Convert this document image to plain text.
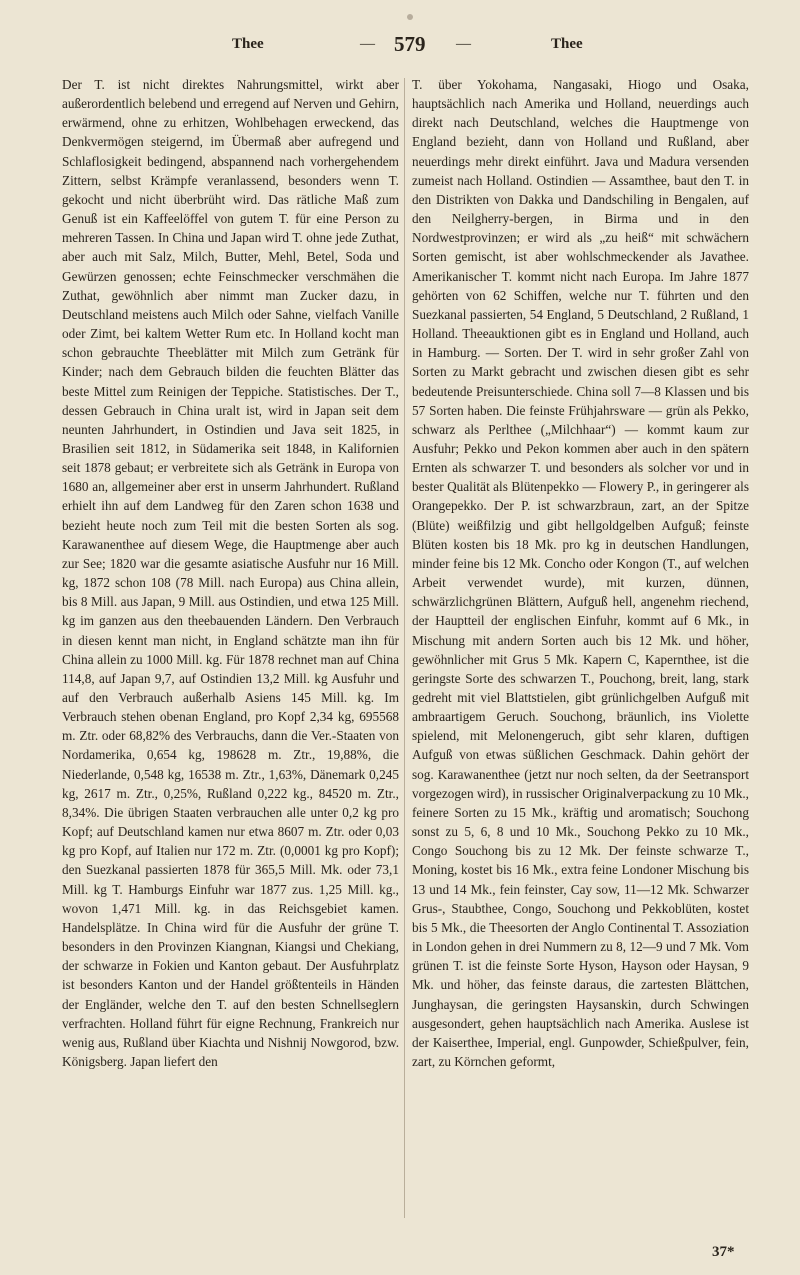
Thee	— 579 —	Thee

Der T. ist nicht direktes Nahrungsmittel, wirkt aber außerordentlich belebend und erregend auf Nerven und Gehirn, erwärmend, ohne zu erhitzen, Wohlbehagen erweckend, das Denkvermögen steigernd, im Übermaß aber aufregend und Schlaflosigkeit bedingend, abspannend nach vorhergehendem Zittern, selbst Krämpfe veranlassend, besonders wenn T. gekocht und nicht überbrüht wird. Das rätliche Maß zum Genuß ist ein Kaffeelöffel von gutem T. für eine Person zu mehreren Tassen. In China und Japan wird T. ohne jede Zuthat, aber auch mit Salz, Milch, Butter, Mehl, Betel, Soda und Gewürzen genossen; echte Feinschmecker verschmähen die Zuthat, gewöhnlich aber nimmt man Zucker dazu, in Deutschland meistens auch Milch oder Sahne, vielfach Vanille oder Zimt, bei kaltem Wetter Rum etc. In Holland kocht man schon gebrauchte Theeblätter mit Milch zum Getränk für Kinder; nach dem Gebrauch bilden die feuchten Blätter das beste Mittel zum Reinigen der Teppiche. Statistisches. Der T., dessen Gebrauch in China uralt ist, wird in Japan seit dem neunten Jahrhundert, in Ostindien und Java seit 1825, in Brasilien seit 1812, in Südamerika seit 1848, in Kalifornien seit 1878 gebaut; er verbreitete sich als Getränk in Europa von 1680 an, allgemeiner aber erst in unserm Jahrhundert. Rußland erhielt ihn auf dem Landweg für den Zaren schon 1638 und bezieht heute noch zum Teil mit die besten Sorten als sog. Karawanenthee auf diesem Wege, die Hauptmenge aber auch zur See; 1820 war die gesamte asiatische Ausfuhr nur 16 Mill. kg, 1872 schon 108 (78 Mill. nach Europa) aus China allein, bis 8 Mill. aus Japan, 9 Mill. aus Ostindien, und etwa 125 Mill. kg im ganzen aus den theebauenden Ländern. Den Verbrauch in diesen kennt man nicht, in England schätzte man ihn für China allein zu 1000 Mill. kg. Für 1878 rechnet man auf China 114,8, auf Japan 9,7, auf Ostindien 13,2 Mill. kg Ausfuhr und auf den Verbrauch außerhalb Asiens 145 Mill. kg. Im Verbrauch stehen obenan England, pro Kopf 2,34 kg, 695568 m. Ztr. oder 68,82% des Verbrauchs, dann die Ver.-Staaten von Nordamerika, 0,654 kg, 198628 m. Ztr., 19,88%, die Niederlande, 0,548 kg, 16538 m. Ztr., 1,63%, Dänemark 0,245 kg, 2617 m. Ztr., 0,25%, Rußland 0,222 kg., 84520 m. Ztr., 8,34%. Die übrigen Staaten verbrauchen alle unter 0,2 kg pro Kopf; auf Deutschland kamen nur etwa 8607 m. Ztr. oder 0,03 kg pro Kopf, auf Italien nur 172 m. Ztr. (0,0001 kg pro Kopf); den Suezkanal passierten 1878 für 365,5 Mill. Mk. oder 73,1 Mill. kg T. Hamburgs Einfuhr war 1877 zus. 1,25 Mill. kg., wovon 1,471 Mill. kg. in das Reichsgebiet kamen. Handelsplätze. In China wird für die Ausfuhr der grüne T. besonders in den Provinzen Kiangnan, Kiangsi und Chekiang, der schwarze in Fokien und Kanton gebaut. Der Ausfuhrplatz ist besonders Kanton und der Handel größtenteils in Händen der Engländer, welche den T. auf den besten Schnellseglern verfrachten. Holland führt für eigne Rechnung, Frankreich nur wenig aus, Rußland über Kiachta und Nishnij Nowgorod, bzw. Königsberg. Japan liefert den

T. über Yokohama, Nangasaki, Hiogo und Osaka, hauptsächlich nach Amerika und Holland, neuerdings auch direkt nach Deutschland, welches die Hauptmenge von England bezieht, dann von Holland und Rußland, aber neuerdings mehr direkt einführt. Java und Madura versenden zumeist nach Holland. Ostindien — Assamthee, baut den T. in den Distrikten von Dakka und Dandschiling in Bengalen, auf den Neilgherry-bergen, in Birma und in den Nordwestprovinzen; er wird als „zu heiß“ mit schwächern Sorten gemischt, ist aber wohlschmeckender als Javathee. Amerikanischer T. kommt nicht nach Europa. Im Jahre 1877 gehörten von 62 Schiffen, welche nur T. führten und den Suezkanal passierten, 54 England, 5 Deutschland, 2 Rußland, 1 Holland. Theeauktionen gibt es in England und Holland, auch in Hamburg. — Sorten. Der T. wird in sehr großer Zahl von Sorten zu Markt gebracht und zwischen diesen gibt es sehr bedeutende Preisunterschiede. China soll 7—8 Klassen und bis 57 Sorten haben. Die feinste Frühjahrsware — grün als Pekko, schwarz als Perlthee („Milchhaar“) — kommt kaum zur Ausfuhr; Pekko und Pekon kommen aber auch in den spätern Ernten als schwarzer T. und besonders als solcher vor und in bester Qualität als Blütenpekko — Flowery P., in geringerer als Orangepekko. Der P. ist schwarzbraun, zart, an der Spitze (Blüte) weißfilzig und gibt hellgoldgelben Aufguß; feinste Blüten kosten bis 18 Mk. pro kg in deutschen Handlungen, minder feine bis 12 Mk. Concho oder Kongon (T., auf welchen Arbeit verwendet wurde), mit kurzen, dünnen, schwärzlichgrünen Blättern, Aufguß hell, angenehm riechend, der Hauptteil der englischen Einfuhr, kommt auf 6 Mk., in Mischung mit andern Sorten auch bis 12 Mk. und höher, gewöhnlicher mit Grus 5 Mk. Kapern C, Kapernthee, ist die geringste Sorte des schwarzen T., Pouchong, breit, lang, stark gedreht mit viel Blattstielen, gibt grünlichgelben Aufguß mit ambraartigem Geruch. Souchong, bräunlich, ins Violette spielend, mit Melonengeruch, gibt sehr klaren, duftigen Aufguß von etwas süßlichen Geschmack. Dahin gehört der sog. Karawanenthee (jetzt nur noch selten, da der Seetransport vorgezogen wird), in russischer Originalverpackung zu 10 Mk., feinere Sorten zu 15 Mk., kräftig und aromatisch; Souchong sonst zu 5, 6, 8 und 10 Mk., Souchong Pekko zu 10 Mk., Congo Souchong bis zu 12 Mk. Der feinste schwarze T., Moning, kostet bis 16 Mk., extra feine Londoner Mischung bis 13 und 14 Mk., fein feinster, Cay sow, 11—12 Mk. Schwarzer Grus-, Staubthee, Congo, Souchong und Pekkoblüten, kostet bis 5 Mk., die Theesorten der Anglo Continental T. Assoziation in London gehen in drei Nummern zu 8, 12—9 und 7 Mk. Vom grünen T. ist die feinste Sorte Hyson, Hayson oder Haysan, 9 Mk. und höher, das feinste daraus, die zartesten Blättchen, Junghaysan, die geringsten Haysanskin, durch Schwingen ausgesondert, gehen hauptsächlich nach Amerika. Auslese ist der Kaiserthee, Imperial, engl. Gunpowder, Schießpulver, fein, zart, zu Körnchen geformt,

37*
